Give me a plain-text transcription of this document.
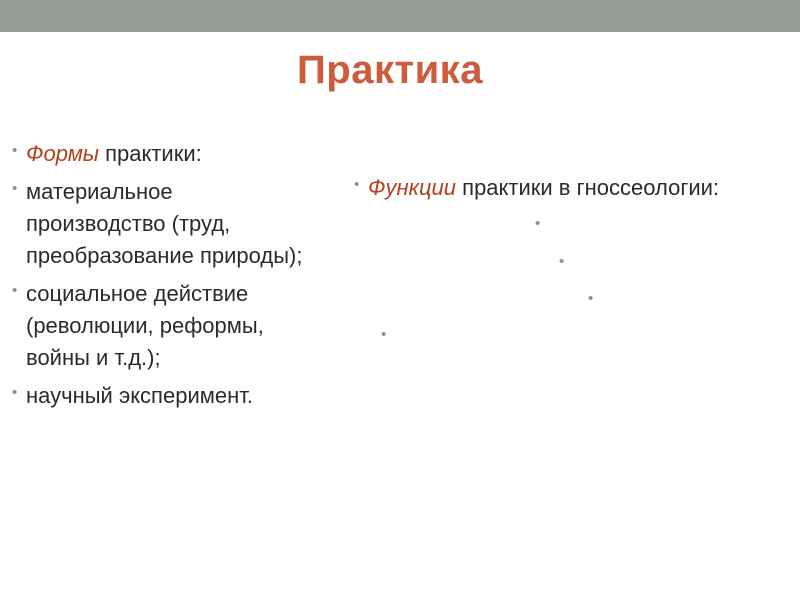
Практика
• Формы практики:
• материальное производство (труд, преобразование природы);
• социальное действие (революции, реформы, войны и т.д.);
• научный эксперимент.
• Функции практики в гноссеологии:
•
•
•
•
